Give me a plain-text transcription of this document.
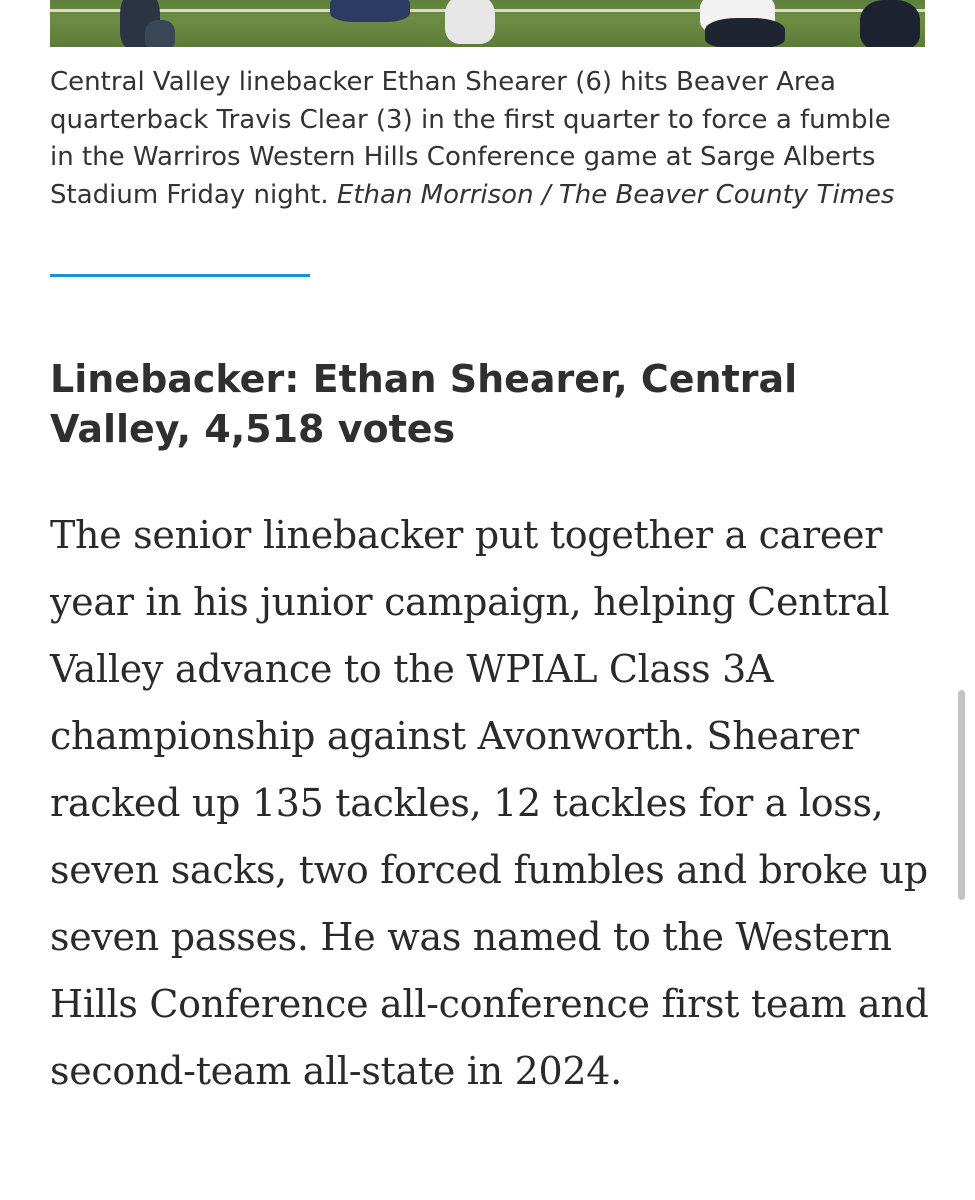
Central Valley linebacker Ethan Shearer (6) hits Beaver Area quarterback Travis Clear (3) in the first quarter to force a fumble in the Warriros Western Hills Conference game at Sarge Alberts Stadium Friday night. Ethan Morrison / The Beaver County Times

Linebacker: Ethan Shearer, Central Valley, 4,518 votes

The senior linebacker put together a career year in his junior campaign, helping Central Valley advance to the WPIAL Class 3A championship against Avonworth. Shearer racked up 135 tackles, 12 tackles for a loss, seven sacks, two forced fumbles and broke up seven passes. He was named to the Western Hills Conference all-conference first team and second-team all-state in 2024.
